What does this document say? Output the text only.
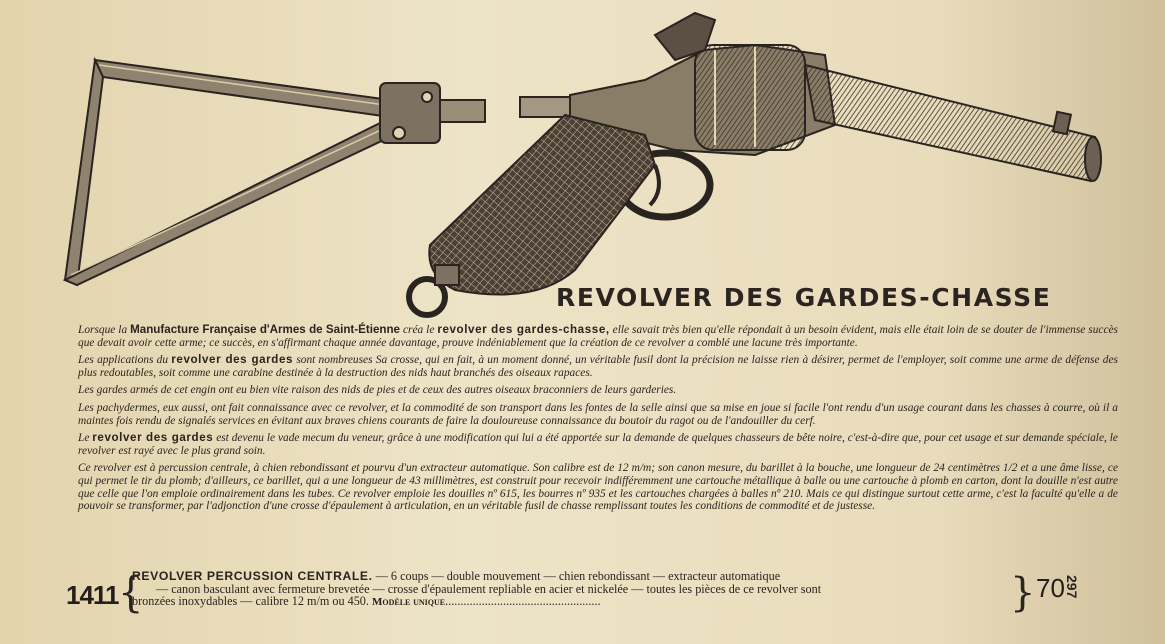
REVOLVER DES GARDES-CHASSE

Lorsque la Manufacture Française d'Armes de Saint-Étienne créa le revolver des gardes-chasse, elle savait très bien qu'elle répondait à un besoin évident, mais elle était loin de se douter de l'immense succès que devait avoir cette arme; ce succès, en s'affirmant chaque année davantage, prouve indéniablement que la création de ce revolver a comblé une lacune très importante.

Les applications du revolver des gardes sont nombreuses Sa crosse, qui en fait, à un moment donné, un véritable fusil dont la précision ne laisse rien à désirer, permet de l'employer, soit comme une arme de défense des plus redoutables, soit comme une carabine destinée à la destruction des nids haut branchés des oiseaux rapaces.

Les gardes armés de cet engin ont eu bien vite raison des nids de pies et de ceux des autres oiseaux braconniers de leurs garderies.

Les pachydermes, eux aussi, ont fait connaissance avec ce revolver, et la commodité de son transport dans les fontes de la selle ainsi que sa mise en joue si facile l'ont rendu d'un usage courant dans les chasses à courre, où il a maintes fois rendu de signalés services en évitant aux braves chiens courants de faire la douloureuse connaissance du boutoir du ragot ou de l'andouiller du cerf.

Le revolver des gardes est devenu le vade mecum du veneur, grâce à une modification qui lui a été apportée sur la demande de quelques chasseurs de bête noire, c'est-à-dire que, pour cet usage et sur demande spéciale, le revolver est rayé avec le plus grand soin.

Ce revolver est à percussion centrale, à chien rebondissant et pourvu d'un extracteur automatique. Son calibre est de 12 m/m; son canon mesure, du barillet à la bouche, une longueur de 24 centimètres 1/2 et a une âme lisse, ce qui permet le tir du plomb; d'ailleurs, ce barillet, qui a une longueur de 43 millimètres, est construit pour recevoir indifféremment une cartouche métallique à balle ou une cartouche à plomb en carton, dont la douille n'est autre que celle que l'on emploie ordinairement dans les tubes. Ce revolver emploie les douilles nº 615, les bourres nº 935 et les cartouches chargées à balles nº 210. Mais ce qui distingue surtout cette arme, c'est la faculté qu'elle a de pouvoir se transformer, par l'adjonction d'une crosse d'épaulement à articulation, en un véritable fusil de chasse remplissant toutes les conditions de commodité et de justesse.

1411 {
REVOLVER PERCUSSION CENTRALE. — 6 coups — double mouvement — chien rebondissant — extracteur automatique
— canon basculant avec fermeture brevetée — crosse d'épaulement repliable en acier et nickelée — toutes les pièces de ce revolver sont
bronzées inoxydables — calibre 12 m/m ou 450. Modèle unique...................................................	} 70 297
